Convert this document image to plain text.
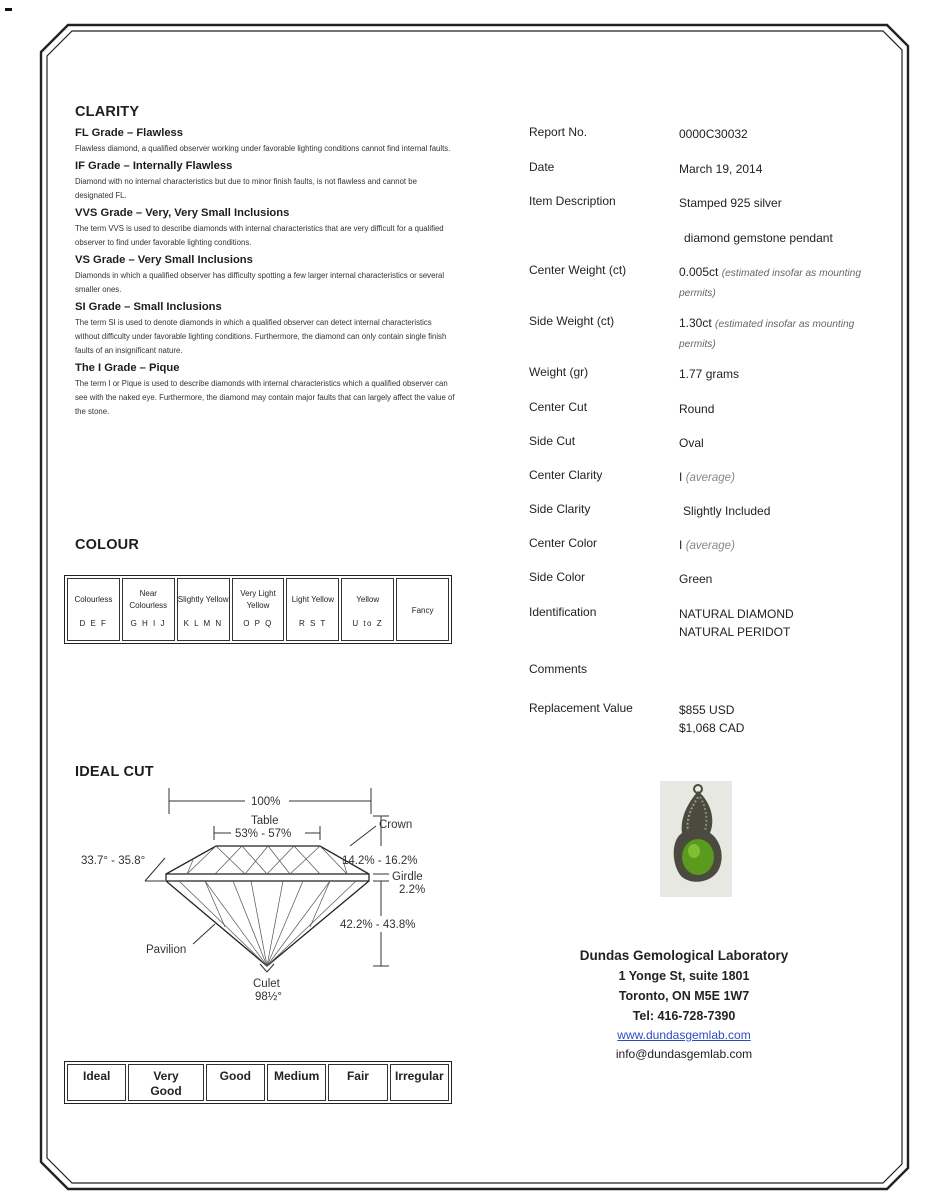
CLARITY
FL Grade – Flawless

Flawless diamond, a qualified observer working under favorable lighting conditions cannot find internal faults.

IF Grade – Internally Flawless

Diamond with no internal characteristics but due to minor finish faults, is not flawless and cannot be designated FL.

VVS Grade – Very, Very Small Inclusions

The term VVS is used to describe diamonds with internal characteristics that are very difficult for a qualified observer to find under favorable lighting conditions.

VS Grade – Very Small Inclusions

Diamonds in which a qualified observer has difficulty spotting a few larger internal characteristics or several smaller ones.

SI Grade – Small Inclusions

The term SI is used to denote diamonds in which a qualified observer can detect internal characteristics without difficulty under favorable lighting conditions. Furthermore, the diamond can only contain single finish faults of an insignificant nature.

The I Grade – Pique

The term I or Pique is used to describe diamonds with internal characteristics which a qualified observer can see with the naked eye. Furthermore, the diamond may contain major faults that can largely affect the value of the stone.

COLOUR
Colourless
D E F
Near Colourless
G H I J
Slightly Yellow
K L M N
Very Light Yellow
O P Q
Light Yellow
R S T
Yellow
U to Z
Fancy
IDEAL CUT
100%
Table
53% - 57%
Crown
33.7° - 35.8°	14.2% - 16.2%
Girdle
2.2%
42.2% - 43.8%
Pavilion
Culet
98½°
Ideal	Very Good
Good	Medium	Fair	Irregular
Report No.	0000C30032
Date	March 19, 2014
Item Description	Stamped 925 silver
diamond gemstone pendant
Center Weight (ct)	0.005ct (estimated insofar as mounting permits)
Side Weight (ct)	1.30ct (estimated insofar as mounting permits)
Weight (gr)	1.77 grams
Center Cut	Round
Side Cut	Oval
Center Clarity	I (average)
Side Clarity	Slightly Included
Center Color	I (average)
Side Color	Green
Identification	NATURAL DIAMOND
NATURAL PERIDOT
Comments
Replacement Value	$855 USD
$1,068 CAD
Dundas Gemological Laboratory
1 Yonge St, suite 1801
Toronto, ON M5E 1W7
Tel: 416-728-7390
www.dundasgemlab.com
info@dundasgemlab.com
